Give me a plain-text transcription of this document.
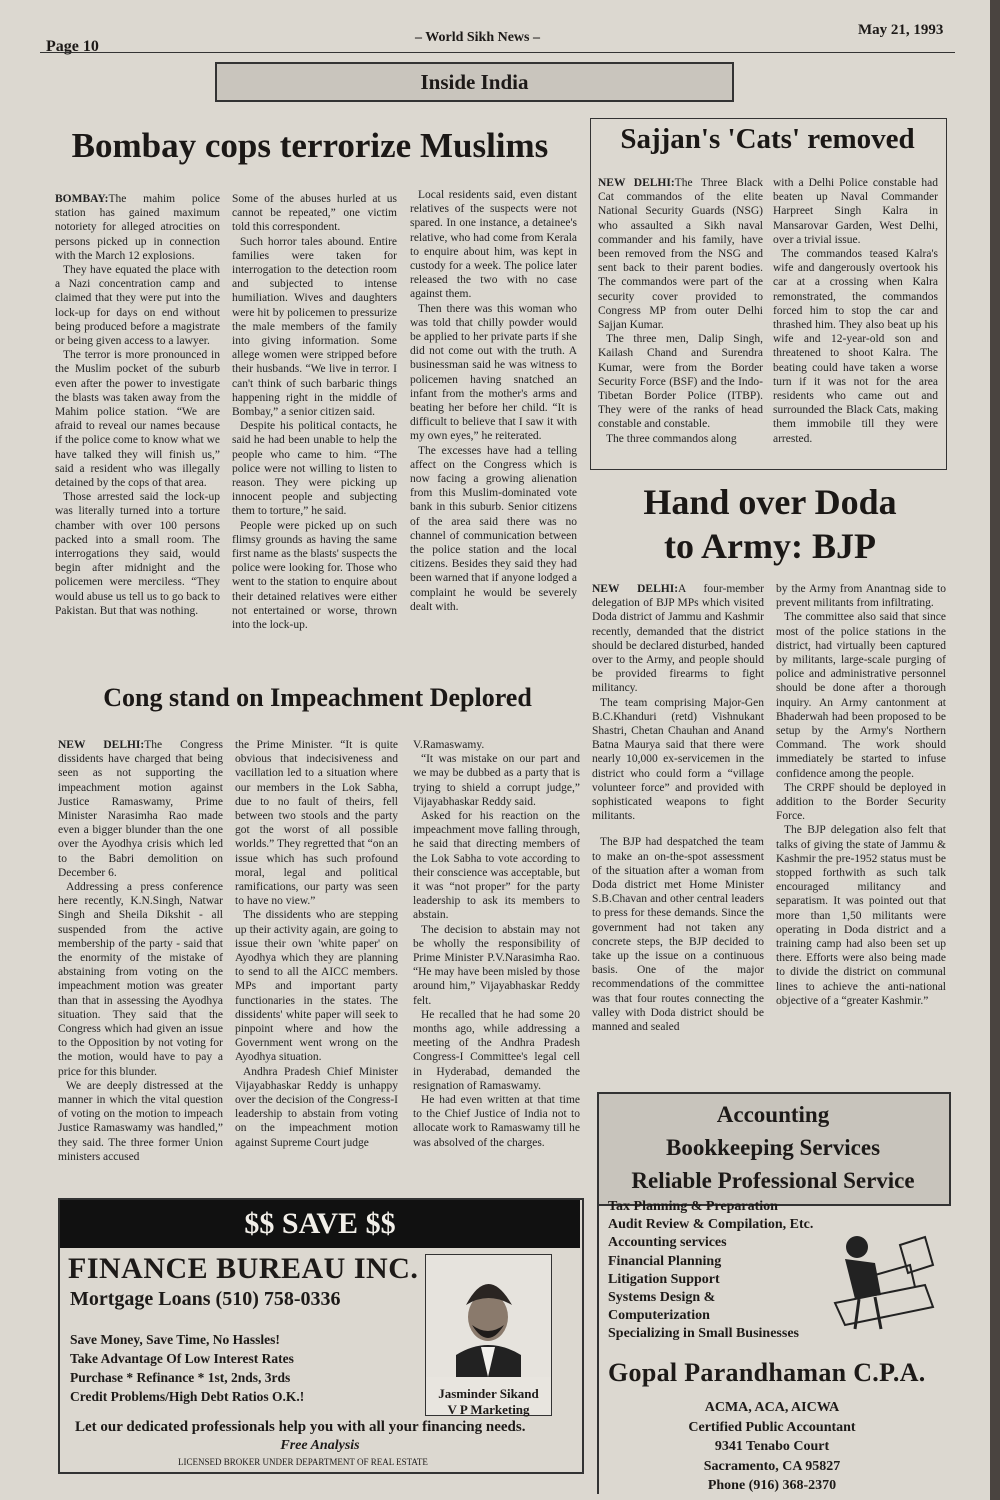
Page 10
– World Sikh News –	May 21, 1993
Inside India
Bombay cops terrorize Muslims

BOMBAY:The mahim police station has gained maximum notoriety for alleged atrocities on persons picked up in connection with the March 12 explosions.

They have equated the place with a Nazi concentration camp and claimed that they were put into the lock-up for days on end without being produced before a magistrate or being given access to a lawyer.

The terror is more pronounced in the Muslim pocket of the suburb even after the power to investigate the blasts was taken away from the Mahim police station. “We are afraid to reveal our names because if the police come to know what we have talked they will finish us,” said a resident who was illegally detained by the cops of that area.

Those arrested said the lock-up was literally turned into a torture chamber with over 100 persons packed into a small room. The interrogations they said, would begin after midnight and the policemen were merciless. “They would abuse us tell us to go back to Pakistan. But that was nothing.

Some of the abuses hurled at us cannot be repeated,” one victim told this correspondent.

Such horror tales abound. Entire families were taken for interrogation to the detection room and subjected to intense humiliation. Wives and daughters were hit by policemen to pressurize the male members of the family into giving information. Some allege women were stripped before their husbands. “We live in terror. I can't think of such barbaric things happening right in the middle of Bombay,” a senior citizen said.

Despite his political contacts, he said he had been unable to help the people who came to him. “The police were not willing to listen to reason. They were picking up innocent people and subjecting them to torture,” he said.

People were picked up on such flimsy grounds as having the same first name as the blasts' suspects the police were looking for. Those who went to the station to enquire about their detained relatives were either not entertained or worse, thrown into the lock-up.

Local residents said, even distant relatives of the suspects were not spared. In one instance, a detainee's relative, who had come from Kerala to enquire about him, was kept in custody for a week. The police later released the two with no case against them.

Then there was this woman who was told that chilly powder would be applied to her private parts if she did not come out with the truth. A businessman said he was witness to policemen having snatched an infant from the mother's arms and beating her before her child. “It is difficult to believe that I saw it with my own eyes,” he reiterated.

The excesses have had a telling affect on the Congress which is now facing a growing alienation from this Muslim-dominated vote bank in this suburb. Senior citizens of the area said there was no channel of communication between the police station and the local citizens. Besides they said they had been warned that if anyone lodged a complaint he would be severely dealt with.

Sajjan's 'Cats' removed

NEW DELHI:The Three Black Cat commandos of the elite National Security Guards (NSG) who assaulted a Sikh naval commander and his family, have been removed from the NSG and sent back to their parent bodies. The commandos were part of the security cover provided to Congress MP from outer Delhi Sajjan Kumar.

The three men, Dalip Singh, Kailash Chand and Surendra Kumar, were from the Border Security Force (BSF) and the Indo-Tibetan Border Police (ITBP). They were of the ranks of head constable and constable.

The three commandos along

with a Delhi Police constable had beaten up Naval Commander Harpreet Singh Kalra in Mansarovar Garden, West Delhi, over a trivial issue.

The commandos teased Kalra's wife and dangerously overtook his car at a crossing when Kalra remonstrated, the commandos forced him to stop the car and thrashed him. They also beat up his wife and 12-year-old son and threatened to shoot Kalra. The beating could have taken a worse turn if it was not for the area residents who came out and surrounded the Black Cats, making them immobile till they were arrested.

Hand over Doda
to Army: BJP

NEW DELHI:A four-member delegation of BJP MPs which visited Doda district of Jammu and Kashmir recently, demanded that the district should be declared disturbed, handed over to the Army, and people should be provided firearms to fight militancy.

The team comprising Major-Gen B.C.Khanduri (retd) Vishnukant Shastri, Chetan Chauhan and Anand Batna Maurya said that there were nearly 10,000 ex-servicemen in the district who could form a “village volunteer force” and provided with sophisticated weapons to fight militants.

The BJP had despatched the team to make an on-the-spot assessment of the situation after a woman from Doda district met Home Minister S.B.Chavan and other central leaders to press for these demands. Since the government had not taken any concrete steps, the BJP decided to take up the issue on a continuous basis. One of the major recommendations of the committee was that four routes connecting the valley with Doda district should be manned and sealed

by the Army from Anantnag side to prevent militants from infiltrating.

The committee also said that since most of the police stations in the district, had virtually been captured by militants, large-scale purging of police and administrative personnel should be done after a thorough inquiry. An Army cantonment at Bhaderwah had been proposed to be setup by the Army's Northern Command. The work should immediately be started to infuse confidence among the people.

The CRPF should be deployed in addition to the Border Security Force.

The BJP delegation also felt that talks of giving the state of Jammu & Kashmir the pre-1952 status must be stopped forthwith as such talk encouraged militancy and separatism. It was pointed out that more than 1,50 militants were operating in Doda district and a training camp had also been set up there. Efforts were also being made to divide the district on communal lines to achieve the anti-national objective of a “greater Kashmir.”

Cong stand on Impeachment Deplored

NEW DELHI:The Congress dissidents have charged that being seen as not supporting the impeachment motion against Justice Ramaswamy, Prime Minister Narasimha Rao made even a bigger blunder than the one over the Ayodhya crisis which led to the Babri demolition on December 6.

Addressing a press conference here recently, K.N.Singh, Natwar Singh and Sheila Dikshit - all suspended from the active membership of the party - said that the enormity of the mistake of abstaining from voting on the impeachment motion was greater than that in assessing the Ayodhya situation. They said that the Congress which had given an issue to the Opposition by not voting for the motion, would have to pay a price for this blunder.

We are deeply distressed at the manner in which the vital question of voting on the motion to impeach Justice Ramaswamy was handled,” they said. The three former Union ministers accused

the Prime Minister. “It is quite obvious that indecisiveness and vacillation led to a situation where our members in the Lok Sabha, due to no fault of theirs, fell between two stools and the party got the worst of all possible worlds.” They regretted that “on an issue which has such profound moral, legal and political ramifications, our party was seen to have no view.”

The dissidents who are stepping up their activity again, are going to issue their own 'white paper' on Ayodhya which they are planning to send to all the AICC members. MPs and important party functionaries in the states. The dissidents' white paper will seek to pinpoint where and how the Government went wrong on the Ayodhya situation.

Andhra Pradesh Chief Minister Vijayabhaskar Reddy is unhappy over the decision of the Congress-I leadership to abstain from voting on the impeachment motion against Supreme Court judge

V.Ramaswamy.

“It was mistake on our part and we may be dubbed as a party that is trying to shield a corrupt judge,” Vijayabhaskar Reddy said.

Asked for his reaction on the impeachment move falling through, he said that directing members of the Lok Sabha to vote according to their conscience was acceptable, but it was “not proper” for the party leadership to ask its members to abstain.

The decision to abstain may not be wholly the responsibility of Prime Minister P.V.Narasimha Rao. “He may have been misled by those around him,” Vijayabhaskar Reddy felt.

He recalled that he had some 20 months ago, while addressing a meeting of the Andhra Pradesh Congress-I Committee's legal cell in Hyderabad, demanded the resignation of Ramaswamy.

He had even written at that time to the Chief Justice of India not to allocate work to Ramaswamy till he was absolved of the charges.

$$ SAVE $$
FINANCE BUREAU INC.
Mortgage Loans (510) 758-0336
Save Money, Save Time, No Hassles!
Take Advantage Of Low Interest Rates
Purchase * Refinance * 1st, 2nds, 3rds
Credit Problems/High Debt Ratios O.K.!	Jasminder Sikand
V P Marketing
Let our dedicated professionals help you with all your financing needs.
Free Analysis
LICENSED BROKER UNDER DEPARTMENT OF REAL ESTATE
Accounting
Bookkeeping Services
Reliable Professional Service
Tax Planning & Preparation
Audit Review & Compilation, Etc.
Accounting services
Financial Planning
Litigation Support
Systems Design &
Computerization
Specializing in Small Businesses
Gopal Parandhaman C.P.A.
ACMA, ACA, AICWA
Certified Public Accountant
9341 Tenabo Court
Sacramento, CA 95827
Phone (916) 368-2370
